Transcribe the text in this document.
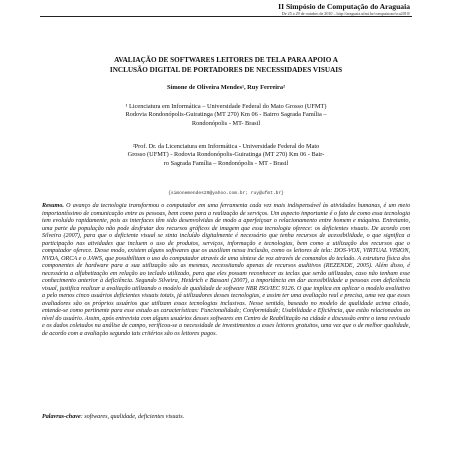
II Simpósio de Computação do Araguaia
De 25 a 29 de outubro de 2010 – http://araguaia.ufmt.br/computacao/sca2010/
AVALIAÇÃO DE SOFTWARES LEITORES DE TELA PARA APOIO A
INCLUSÃO DIGITAL DE PORTADORES DE NECESSIDADES VISUAIS
Simone de Oliveira Mendes¹, Ruy Ferreira²
¹ Licenciatura em Informática – Universidade Federal do Mato Grosso (UFMT)
Rodovia Rondonópolis-Guiratinga (MT 270) Km 06 - Bairro Sagrada Família –
Rondonópolis - MT- Brasil
²Prof. Dr. da Licenciatura em Informática - Universidade Federal do Mato
Grosso (UFMT) - Rodovia Rondonópolis-Guiratinga (MT 270) Km 06 - Bair-
ro Sagrada Família – Rondonópolis - MT - Brasil
{simonemendes20@yahoo.com.br; ruy@ufmt.br}
Resumo. O avanço da tecnologia transformou o computador em uma ferramenta cada vez mais indispensável às atividades humanas, é um meio importantíssimo de comunicação entre as pessoas, bem como para a realização de serviços. Um aspecto importante é o fato de como essa tecnologia tem evoluído rapidamente, pois as interfaces têm sido desenvolvidas de modo a aperfeiçoar o relacionamento entre homem e máquina. Entretanto, uma parte da população não pode desfrutar dos recursos gráficos de imagem que essa tecnologia oferece: os deficientes visuais. De acordo com Silveira (2007), para que o deficiente visual se sinta incluído digitalmente é necessário que tenha recursos de acessibilidade, o que significa a participação nas atividades que incluem o uso de produtos, serviços, informação e tecnologias, bem como a utilização dos recursos que o computador oferece. Desse modo, existem alguns softwares que os auxiliam nessa inclusão, como os leitores de tela: DOS-VOX, VIRTUAL VISION, NVDA, ORCA e o JAWS, que possibilitam o uso do computador através de uma síntese de voz através de comandos do teclado. A estrutura física dos componentes de hardware para a sua utilização são as mesmas, necessitando apenas de recursos auditivos (REZENDE, 2005). Além disso, é necessária a alfabetização em relação ao teclado utilizado, para que eles possam reconhecer as teclas que serão utilizadas, caso não tenham esse conhecimento anterior à deficiência. Segundo Silveira, Heidrich e Bassani (2007), a importância em dar acessibilidade a pessoas com deficiência visual, justifica realizar a avaliação utilizando o modelo de qualidade de software NBR ISO/IEC 9126. O que implica em aplicar o modelo avaliativo a pelo menos cinco usuários deficientes visuais totais, já utilizadores desses tecnologias, e assim ter uma avaliação real e precisa, uma vez que esses avaliadores são os próprios usuários que utilizam essas tecnologias inclusivas. Nesse sentido, baseado no modelo de qualidade acima citado, entende-se como pertinente para esse estudo as características: Funcionalidade; Conformidade; Usabilidade e Eficiência, que estão relacionados ao nível do usuário. Assim, após entrevista com alguns usuários desses softwares em Centro de Reabilitação na cidade e discussão entre o tema revisado e os dados coletados na análise de campo, verificou-se a necessidade de investimentos a esses leitores gratuitos, uma vez que o de melhor qualidade, de acordo com a avaliação segundo tais critérios são os leitores pagos.
Palavras-chave: softwares, qualidade, deficientes visuais.
